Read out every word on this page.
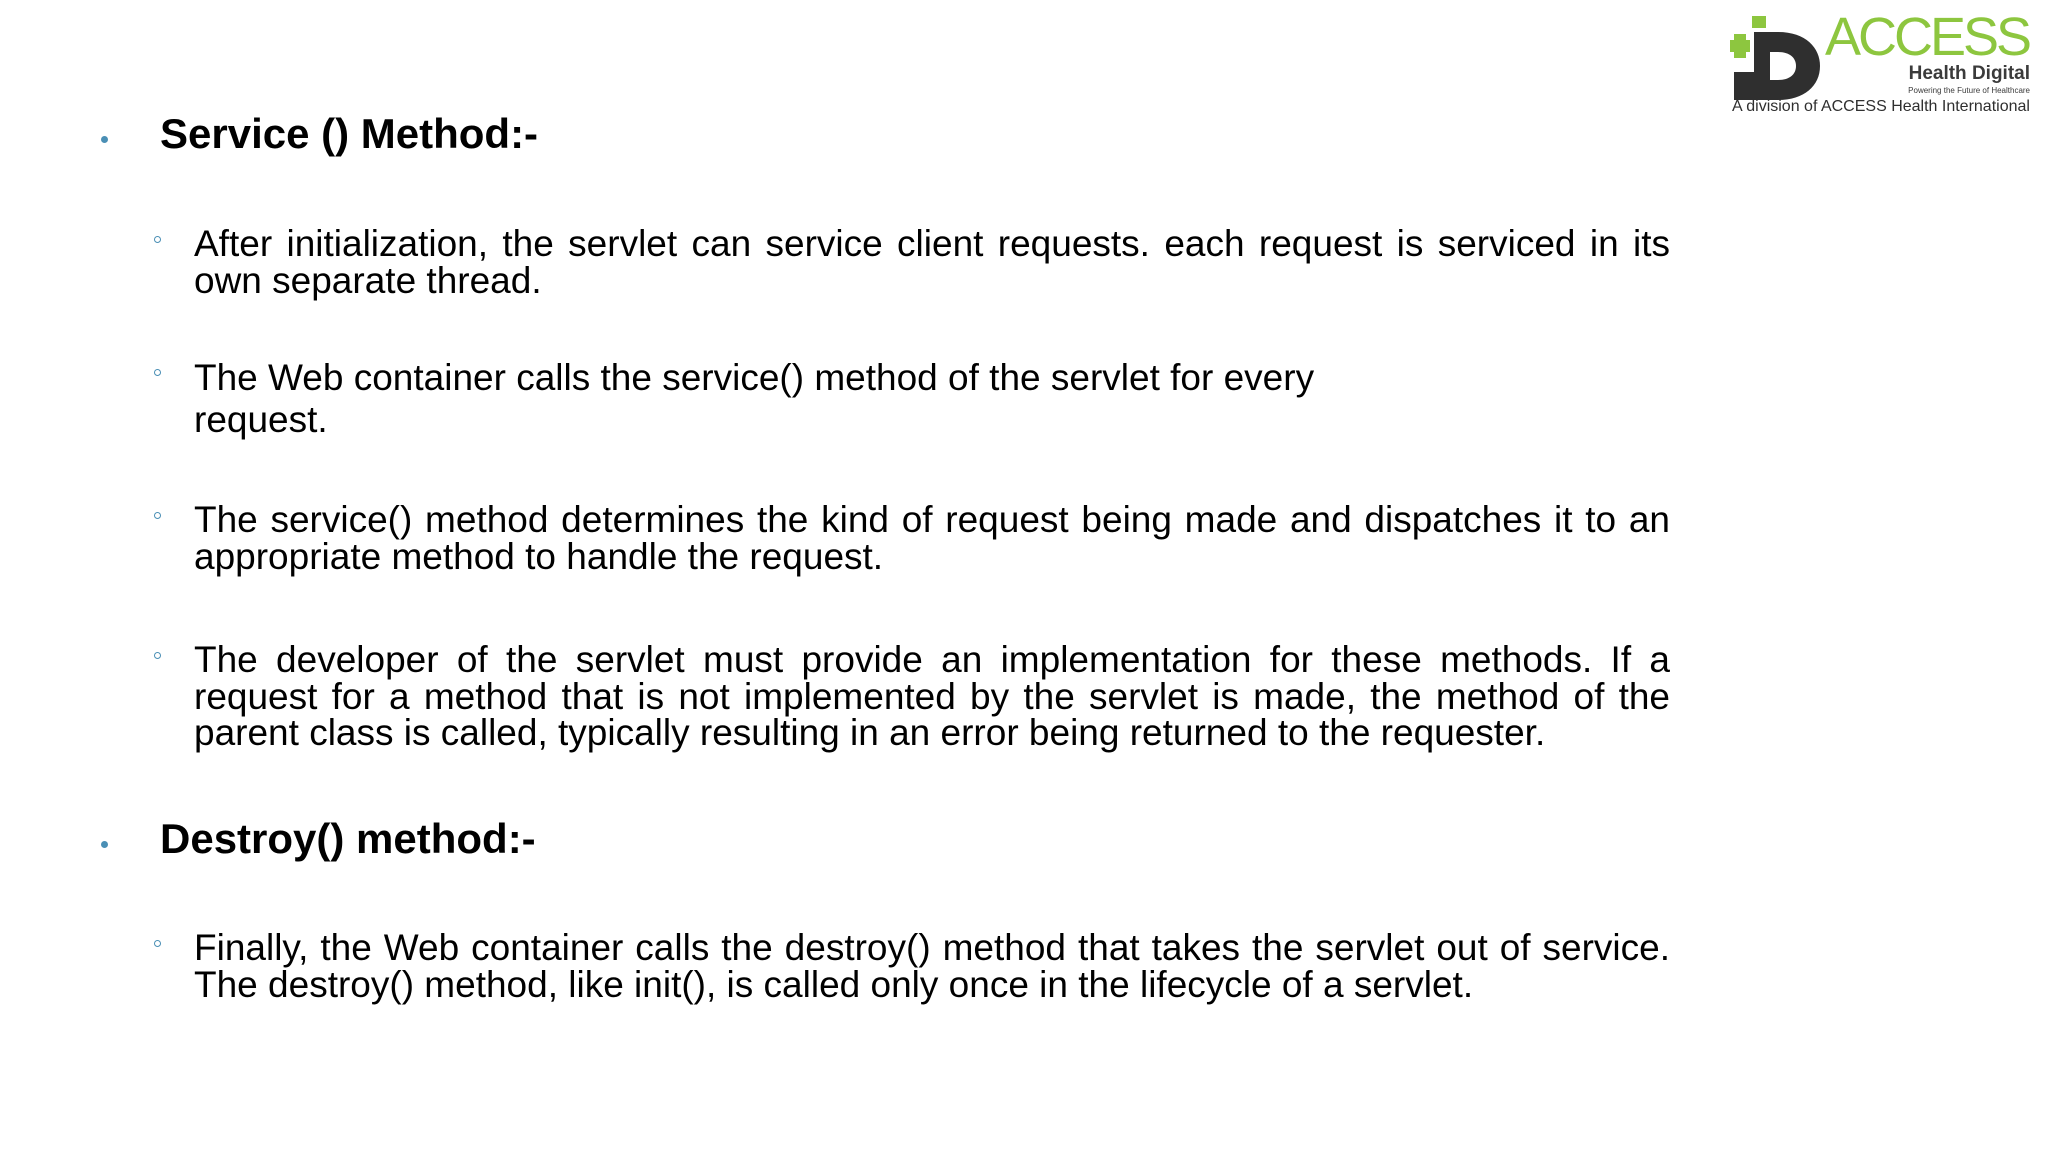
ACCESS
Health Digital
Powering the Future of Healthcare
A division of ACCESS Health International
Service () Method:-
After initialization, the servlet can service client requests. each request is serviced in its own separate thread.
The Web container calls the service() method of the servlet for every request.
The service() method determines the kind of request being made and dispatches it to an appropriate method to handle the request.
The developer of the servlet must provide an implementation for these methods. If a request for a method that is not implemented by the servlet is made, the method of the parent class is called, typically resulting in an error being returned to the requester.
Destroy() method:-
Finally, the Web container calls the destroy() method that takes the servlet out of service. The destroy() method, like init(), is called only once in the lifecycle of a servlet.
